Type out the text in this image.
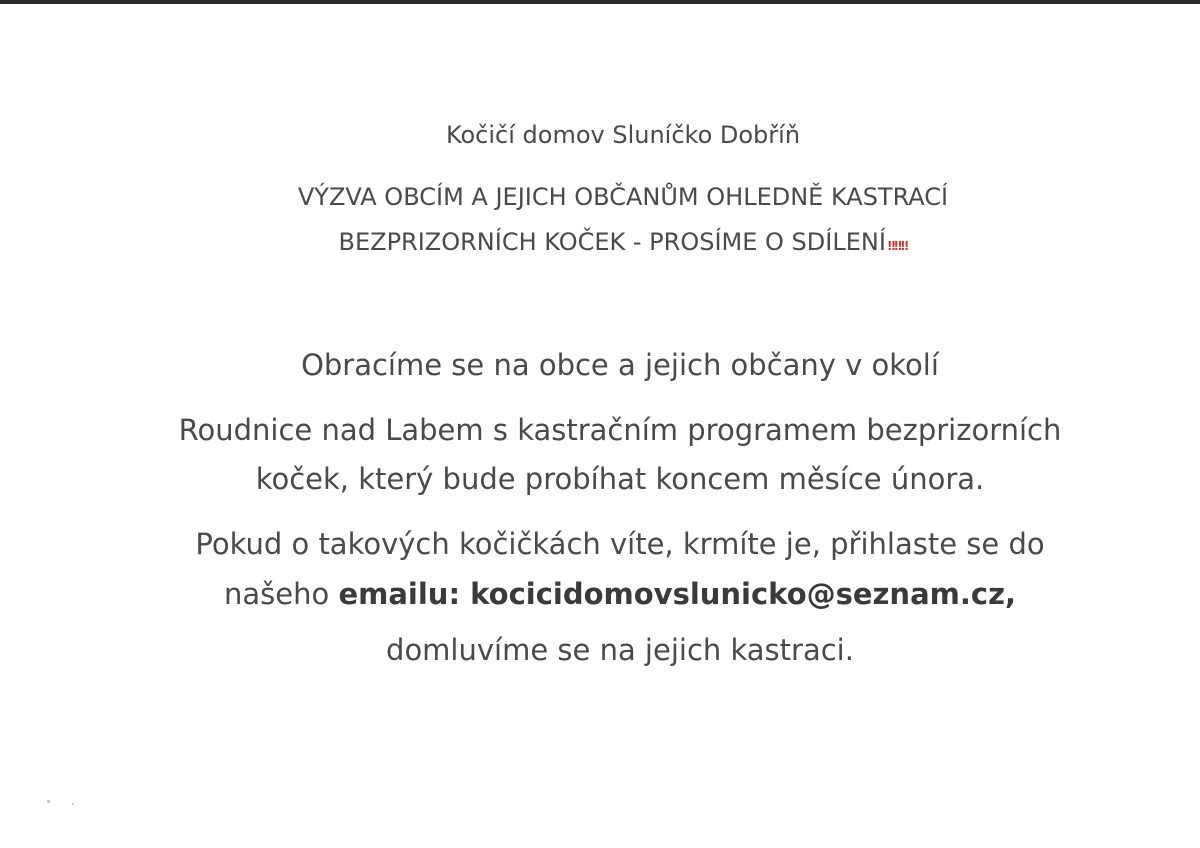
Kočičí domov Sluníčko Dobříň
VÝZVA OBCÍM A JEJICH OBČANŮM OHLEDNĚ KASTRACÍ
BEZPRIZORNÍCH KOČEK - PROSÍME O SDÍLENÍ ‼‼‼
Obracíme se na obce a jejich občany v okolí
Roudnice nad Labem s kastračním programem bezprizorních
koček, který bude probíhat koncem měsíce února.
Pokud o takových kočičkách víte, krmíte je, přihlaste se do
našeho emailu: kocicidomovslunicko@seznam.cz,
domluvíme se na jejich kastraci.
